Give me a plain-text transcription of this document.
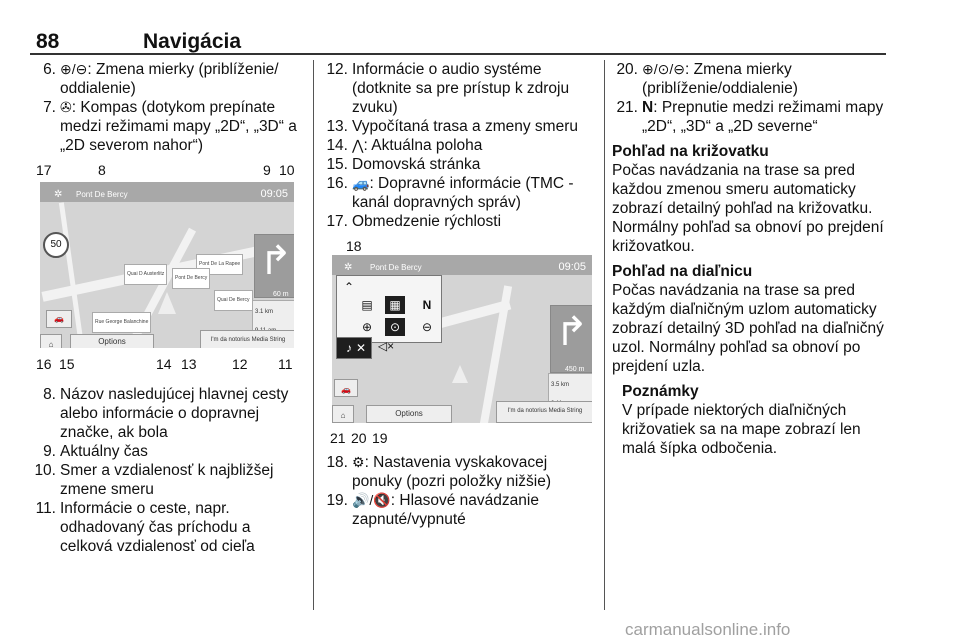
88	Navigácia

6. ⊕/⊖: Zmena mierky (priblíženie/ oddialenie)

7. ✇: Kompas (dotykom prepínate medzi režimami mapy „2D“, „3D“ a „2D severom nahor“)

17	8	9 10
✲ Pont De Bercy	09:05
50
Quai D Austerlitz
Pont De La Rapee
Pont De Bercy
Quai De Bercy
Rue George Balanchine
↱
60 m
3.1 km

🚗
⌂	Options	I'm da notorius Media String
16 15	14 13	12 11

8. Názov nasledujúcej hlavnej cesty alebo informácie o dopravnej značke, ak bola

9. Aktuálny čas

10. Smer a vzdialenosť k najbližšej zmene smeru

11. Informácie o ceste, napr. odhadovaný čas príchodu a celková vzdialenosť od cieľa

12. Informácie o audio systéme (dotknite sa pre prístup k zdroju zvuku)

13. Vypočítaná trasa a zmeny smeru

14. ⋀: Aktuálna poloha

15. Domovská stránka

16. 🚙: Dopravné informácie (TMC - kanál dopravných správ)

17. Obmedzenie rýchlosti

18
✲ Pont De Bercy	09:05
⌃
▤	▦	N
⊕	⊙	⊖
♪ ✕ ◁×	↱
450 m
3.5 km

🚗
⌂	Options	I'm da notorius Media String
21 20 19

18. ⚙: Nastavenia vyskakovacej ponuky (pozri položky nižšie)

19. 🔊/🔇: Hlasové navádzanie zapnuté/vypnuté

20. ⊕/⊙/⊖: Zmena mierky (priblíženie/oddialenie)

21. N: Prepnutie medzi režimami mapy „2D“, „3D“ a „2D severne“

Pohľad na križovatku

Počas navádzania na trase sa pred každou zmenou smeru automaticky zobrazí detailný pohľad na križovatku. Normálny pohľad sa obnoví po prejdení križovatkou.

Pohľad na diaľnicu

Počas navádzania na trase sa pred každým diaľničným uzlom automaticky zobrazí detailný 3D pohľad na diaľničný uzol. Normálny pohľad sa obnoví po prejdení uzla.

Poznámky

V prípade niektorých diaľničných križovatiek sa na mape zobrazí len malá šípka odbočenia.

carmanualsonline.info
